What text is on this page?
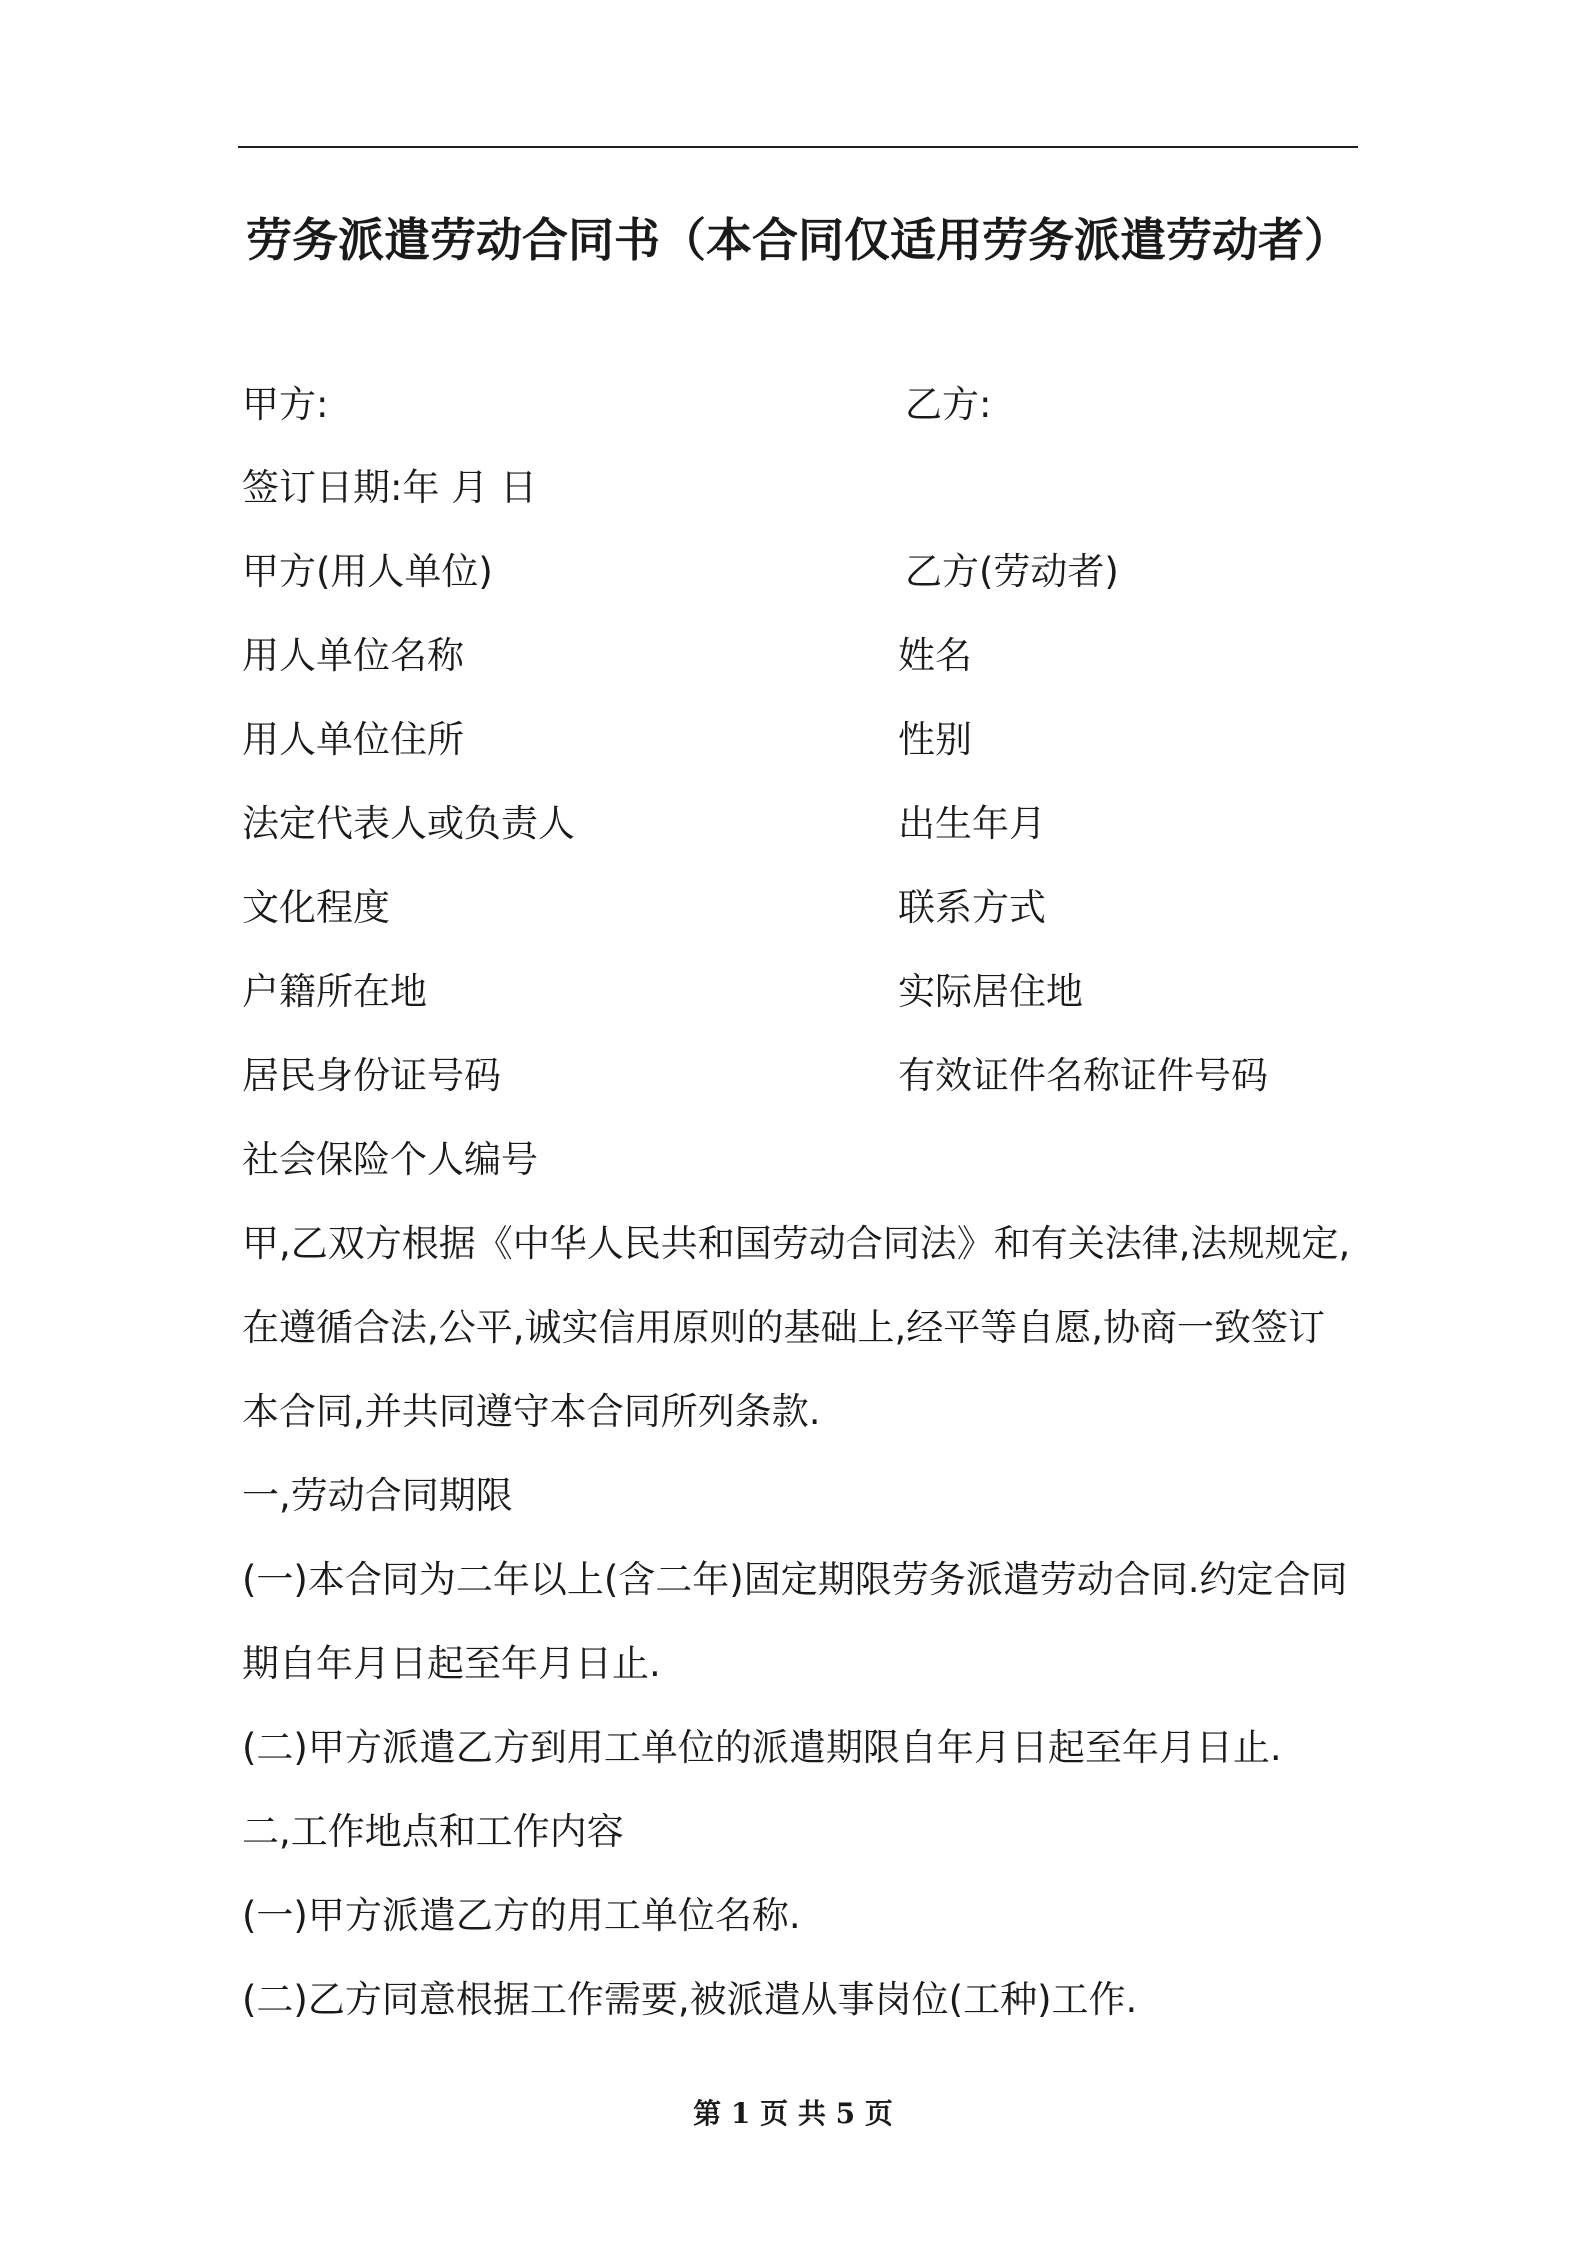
劳务派遣劳动合同书（本合同仅适用劳务派遣劳动者）
甲方:	乙方:
签订日期:年 月 日
甲方(用人单位)	乙方(劳动者)
用人单位名称	姓名
用人单位住所	性别
法定代表人或负责人	出生年月
文化程度	联系方式
户籍所在地	实际居住地
居民身份证号码	有效证件名称证件号码
社会保险个人编号
甲,乙双方根据《中华人民共和国劳动合同法》和有关法律,法规规定,
在遵循合法,公平,诚实信用原则的基础上,经平等自愿,协商一致签订
本合同,并共同遵守本合同所列条款.
一,劳动合同期限
(一)本合同为二年以上(含二年)固定期限劳务派遣劳动合同.约定合同
期自年月日起至年月日止.
(二)甲方派遣乙方到用工单位的派遣期限自年月日起至年月日止.
二,工作地点和工作内容
(一)甲方派遣乙方的用工单位名称.
(二)乙方同意根据工作需要,被派遣从事岗位(工种)工作.
第 1 页 共 5 页
